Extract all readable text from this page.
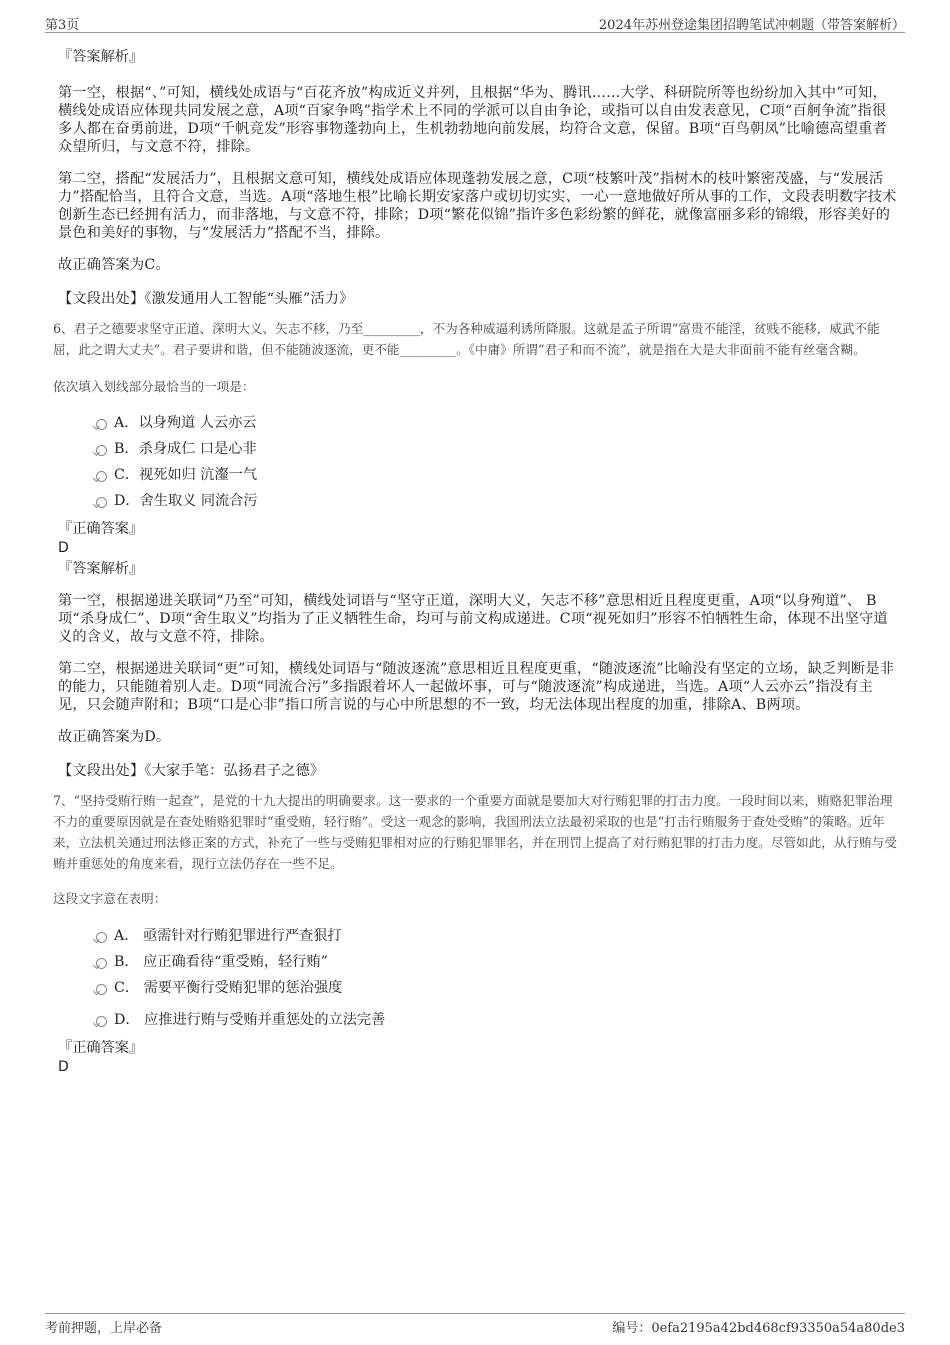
第3页	2024年苏州登途集团招聘笔试冲刺题（带答案解析）

『答案解析』

第一空，根据“、”可知，横线处成语与“百花齐放”构成近义并列，且根据“华为、腾讯……大学、科研院所等也纷纷加入其中”可知，横线处成语应体现共同发展之意，A项“百家争鸣”指学术上不同的学派可以自由争论，或指可以自由发表意见，C项“百舸争流”指很多人都在奋勇前进，D项“千帆竞发”形容事物蓬勃向上，生机勃勃地向前发展，均符合文意，保留。B项“百鸟朝凤”比喻德高望重者众望所归，与文意不符，排除。

第二空，搭配“发展活力”，且根据文意可知，横线处成语应体现蓬勃发展之意，C项“枝繁叶茂”指树木的枝叶繁密茂盛，与“发展活力”搭配恰当，且符合文意，当选。A项“落地生根”比喻长期安家落户或切切实实、一心一意地做好所从事的工作，文段表明数字技术创新生态已经拥有活力，而非落地，与文意不符，排除；D项“繁花似锦”指许多色彩纷繁的鲜花，就像富丽多彩的锦缎，形容美好的景色和美好的事物，与“发展活力”搭配不当，排除。

故正确答案为C。

【文段出处】《激发通用人工智能“头雁”活力》

6、君子之德要求坚守正道、深明大义、矢志不移，乃至_________，不为各种威逼利诱所降服。这就是孟子所谓“富贵不能淫，贫贱不能移，威武不能屈，此之谓大丈夫”。君子要讲和谐，但不能随波逐流，更不能_________。《中庸》所谓“君子和而不流”，就是指在大是大非面前不能有丝毫含糊。

依次填入划线部分最恰当的一项是：

A．以身殉道 人云亦云
B．杀身成仁 口是心非
C．视死如归 沆瀣一气
D．舍生取义 同流合污

『正确答案』

D

『答案解析』

第一空，根据递进关联词“乃至”可知，横线处词语与“坚守正道，深明大义，矢志不移”意思相近且程度更重，A项“以身殉道”、 B项“杀身成仁”、D项“舍生取义”均指为了正义牺牲生命，均可与前文构成递进。C项“视死如归”形容不怕牺牲生命，体现不出坚守道义的含义，故与文意不符，排除。

第二空，根据递进关联词“更”可知，横线处词语与“随波逐流”意思相近且程度更重，“随波逐流”比喻没有坚定的立场，缺乏判断是非的能力，只能随着别人走。D项“同流合污”多指跟着坏人一起做坏事，可与“随波逐流”构成递进，当选。A项“人云亦云”指没有主见，只会随声附和；B项“口是心非”指口所言说的与心中所思想的不一致，均无法体现出程度的加重，排除A、B两项。

故正确答案为D。

【文段出处】《大家手笔：弘扬君子之德》

7、“坚持受贿行贿一起查”，是党的十九大提出的明确要求。这一要求的一个重要方面就是要加大对行贿犯罪的打击力度。一段时间以来，贿赂犯罪治理不力的重要原因就是在查处贿赂犯罪时“重受贿，轻行贿”。受这一观念的影响，我国刑法立法最初采取的也是“打击行贿服务于查处受贿”的策略。近年来，立法机关通过刑法修正案的方式，补充了一些与受贿犯罪相对应的行贿犯罪罪名，并在刑罚上提高了对行贿犯罪的打击力度。尽管如此，从行贿与受贿并重惩处的角度来看，现行立法仍存在一些不足。

这段文字意在表明：

A． 亟需针对行贿犯罪进行严查狠打
B． 应正确看待“重受贿，轻行贿”
C． 需要平衡行受贿犯罪的惩治强度
D． 应推进行贿与受贿并重惩处的立法完善

『正确答案』

D

考前押题，上岸必备	编号：0efa2195a42bd468cf93350a54a80de3
